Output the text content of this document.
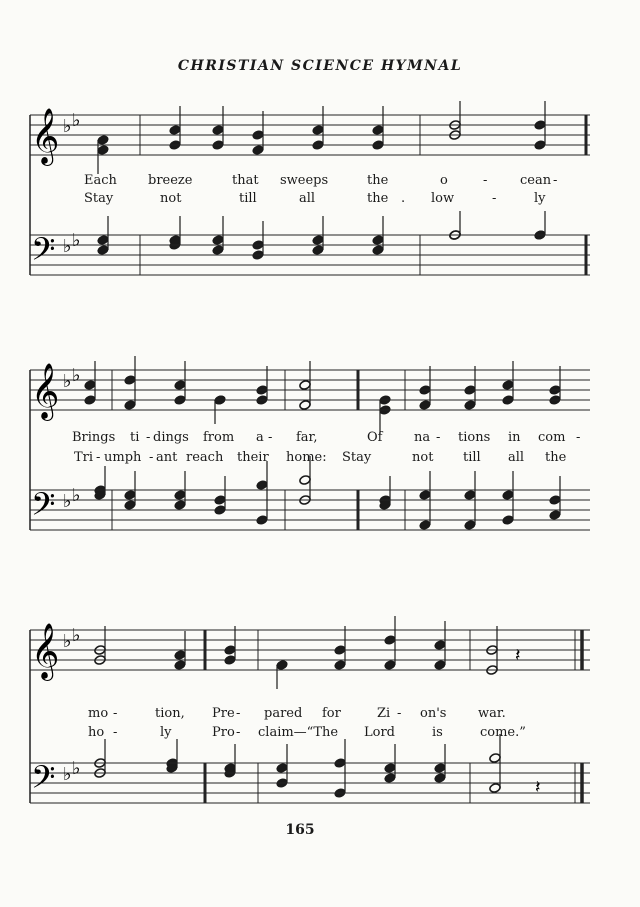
CHRISTIAN SCIENCE HYMNAL
𝄞
𝄢
♭ ♭
♭ ♭
𝄞
𝄢
♭ ♭
♭ ♭
𝄞
𝄢
♭ ♭
♭ ♭
𝄽
𝄽
Each breeze	that sweeps	the	o	-	cean -
Stay	not	till	all	the . low	-	ly
Brings ti - dings from a - far,	Of na - tions in com -
Tri - umph - ant reach their home: Stay	not till all the
mo -	tion, Pre - pared for	Zi - on's war.
ho -	ly	Pro - claim—“The Lord	is	come.”
165
